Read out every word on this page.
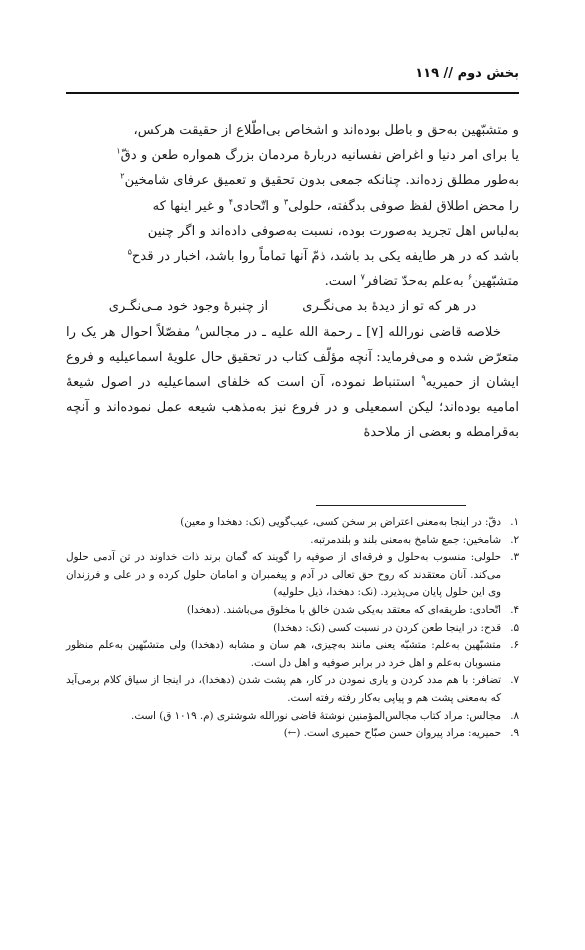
بخش دوم // ۱۱۹

و متشبّهین به‌حق و باطل بوده‌اند و اشخاص بی‌اطّلاع از حقیقت هرکس،

یا برای امر دنیا و اغراض نفسانیه دربارهٔ مردمان بزرگ همواره طعن و دقّ$^۱$

به‌طور مطلق زده‌اند. چنانکه جمعی بدون تحقیق و تعمیق عرفای شامخین$^۲$

را محض اطلاق لفظ صوفی بدگفته، حلولی$^۳$ و اتّحادی$^۴$ و غیر اینها که

به‌لباس اهل تجرید به‌صورت بوده، نسبت به‌صوفی داده‌اند و اگر چنین

باشد که در هر طایفه یکی بد باشد، ذمّ آنها تماماً روا باشد، اخبار در قدح$^۵$

متشبّهین$^۶$ به‌علم به‌حدّ تضافر$^۷$ است.

در هر که تو از دیدهٔ بد می‌نگـری
از چنبرهٔ وجود خود مـی‌نگـری

خلاصه قاضی نورالله [۷] ـ رحمة الله علیه ـ در مجالس$^۸$ مفصّلاً احوال هر یک را متعرّض شده و می‌فرماید: آنچه مؤلّف کتاب در تحقیق حال علویهٔ اسماعیلیه و فروع ایشان از حمیریه$^۹$ استنباط نموده، آن است که خلفای اسماعیلیه در اصول شیعهٔ امامیه بوده‌اند؛ لیکن اسمعیلی و در فروع نیز به‌مذهب شیعه عمل نموده‌اند و آنچه به‌قرامطه و بعضی از ملاحدهٔ

۱.
دقّ: در اینجا به‌معنی اعتراض بر سخن کسی، عیب‌گویی (نک: دهخدا و معین)
۲.
شامخین: جمع شامخ به‌معنی بلند و بلندمرتبه.
۳.
حلولی: منسوب به‌حلول و فرقه‌ای از صوفیه را گویند که گمان برند ذات خداوند در تن آدمی حلول می‌کند. آنان معتقدند که روح حق تعالی در آدم و پیغمبران و امامان حلول کرده و در علی و فرزندان وی این حلول پایان می‌پذیرد. (نک: دهخدا، ذیل حلولیه)
۴.
اتّحادی: طریقه‌ای که معتقد به‌یکی شدن خالق با مخلوق می‌باشند. (دهخدا)
۵.
قدح: در اینجا طعن کردن در نسبت کسی (نک: دهخدا)
۶.
متشبّهین به‌علم: متشبّه یعنی مانند به‌چیزی، هم سان و مشابه (دهخدا) ولی متشبّهین به‌علم منظور منسوبان به‌علم و اهل خرد در برابر صوفیه و اهل دل است.
۷.
تضافر: با هم مدد کردن و یاری نمودن در کار، هم پشت شدن (دهخدا)، در اینجا از سیاق کلام برمی‌آید که به‌معنی پشت هم و پیاپی به‌کار رفته رفته است.
۸.
مجالس: مراد کتاب مجالس‌المؤمنین نوشتهٔ قاضی نورالله شوشتری (م. ۱۰۱۹ ق) است.
۹.
حمیریه: مراد پیروان حسن صبّاح حمیری است. (←)
